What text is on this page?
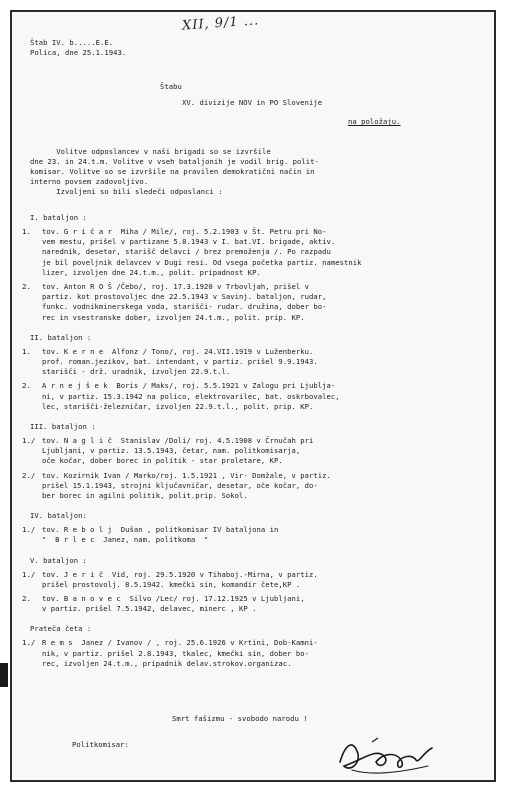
XII, 9/1 ...
Štab IV. b.....E.E.
Polica, dne 25.1.1943.
Štabu
XV. divizije NOV in PO Slovenije
na položaju.
Volitve odposlancev v naši brigadi so se izvršile
dne 23. in 24.t.m. Volitve v vseh bataljonih je vodil brig. polit-
komisar. Volitve so se izvršile na pravilen demokratični način in
interno povsem zadovoljivo.
Izvoljeni so bili sledeči odposlanci :
I. bataljon :
1. tov. G r i č a r  Miha / Mile/, roj. 5.2.1903 v Št. Petru pri No-
vem mestu, prišel v partizane 5.8.1943 v I. bat.VI. brigade, aktiv.
narednik, desetar, starišč delavci / brez premoženja /. Po razpadu
je bil poveljnik delavcev v Dugi resi. Od vsega početka partiz. namestnik
lizer, izvoljen dne 24.t.m., polit. pripadnost KP.
2. tov. Anton R O Š /Čebo/, roj. 17.3.1920 v Trbovljah, prišel v
partiz. kot prostovoljec dne 22.5.1943 v Savinj. bataljon, rudar,
funkc. vodnikminerskega voda, starišči- rudar. družina, dober bo-
rec in vsestranske dober, izvoljen 24.t.m., polit. prip. KP.
II. bataljon :
1. tov. K e r n e  Alfonz / Tono/, roj. 24.VII.1919 v Luženberku.
prof. roman.jezikov, bat. intendant, v partiz. prišel 9.9.1943.
starišči - drž. uradnik, izvoljen 22.9.t.l.
2. A r n e j š e k  Boris / Maks/, roj. 5.5.1921 v Zalogu pri Ljublja-
ni, v partiz. 15.3.1942 na polico, elektrovarilec, bat. oskrbovalec,
lec, starišči-železničar, izvoljen 22.9.t.l., polit. prip. KP.
III. bataljon :
1./ tov. N a g l i č  Stanislav /Doli/ roj. 4.5.1908 v Črnučah pri
Ljubljani, v partiz. 13.5.1943, četar, nam. politkomisarja,
oče kočar, dober borec in politik - star proletare, KP.
2./ tov. Kozirnik Ivan / Marko/roj. 1.5.1921 , Vir- Domžale, v partiz.
prišel 15.1.1943, strojni ključavničar, desetar, oče kočar, do-
ber borec in agilni politik, polit.prip. Sokol.
IV. bataljon:
1./ tov. R e b o l j  Dušan , politkomisar IV bataljona in
"  B r l e c  Janez, nam. politkoma  "
V. bataljon :
1./ tov. J e r i č  Vid, roj. 29.5.1920 v Tihaboj.-Mirna, v partiz.
prišel prostovolj. 8.5.1942. kmečki sin, komandir čete,KP .
2. tov. B a n o v e c  Silvo /Lec/ roj. 17.12.1925 v Ljubljani,
v partiz. prišel 7.5.1942, delavec, minerc , KP .
Prateča četa :
1./ R e m s  Janez / Ivanov / , roj. 25.6.1926 v Krtini, Dob-Kamni-
nik, v partiz. prišel 2.8.1943, tkalec, kmečki sin, dober bo-
rec, izvoljen 24.t.m., pripadnik delav.strokov.organizac.
Smrt fašizmu - svobodo narodu !
Politkomisar:
